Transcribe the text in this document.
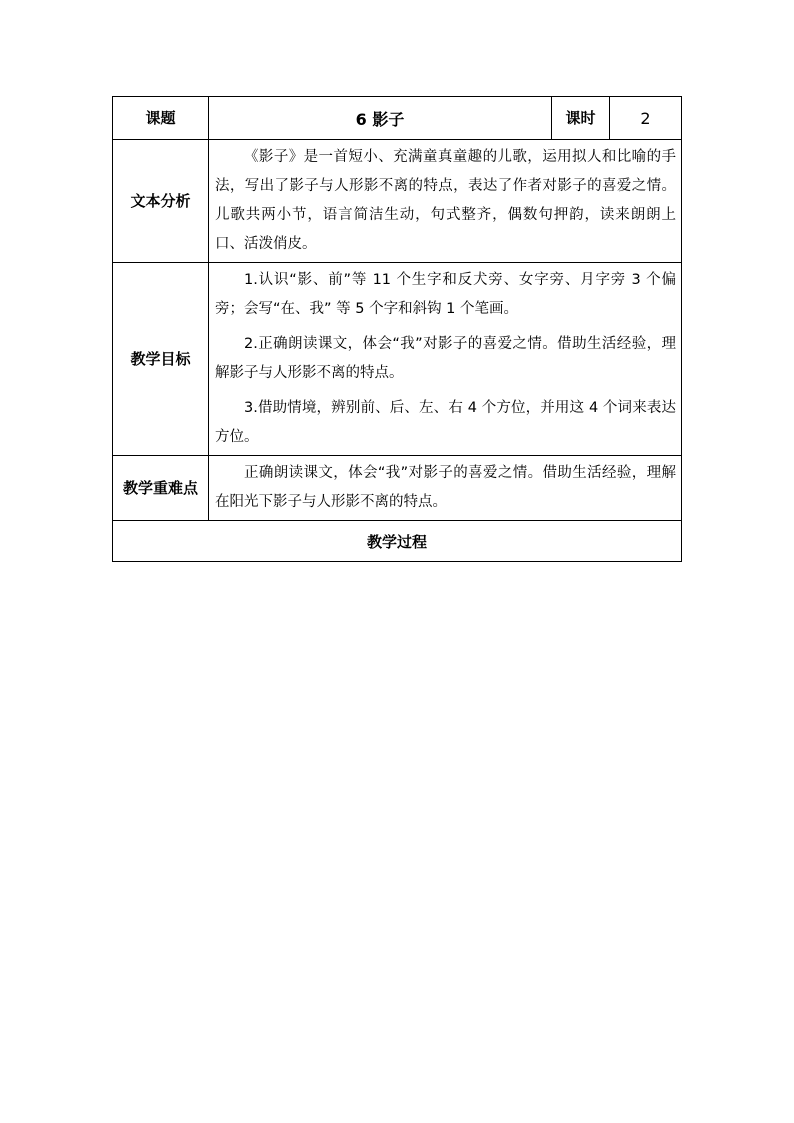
课题	6 影子	课时	2
文本分析	《影子》是一首短小、充满童真童趣的儿歌，运用拟人和比喻的手法，写出了影子与人形影不离的特点，表达了作者对影子的喜爱之情。儿歌共两小节，语言简洁生动，句式整齐，偶数句押韵，读来朗朗上口、活泼俏皮。		

教学目标	1.认识“影、前”等 11 个生字和反犬旁、女字旁、月字旁 3 个偏旁；会写“在、我” 等 5 个字和斜钩 1 个笔画。

2.正确朗读课文，体会“我”对影子的喜爱之情。借助生活经验，理解影子与人形影不离的特点。

3.借助情境，辨别前、后、左、右 4 个方位，并用这 4 个词来表达方位。		

教学重难点	正确朗读课文，体会“我”对影子的喜爱之情。借助生活经验，理解在阳光下影子与人形影不离的特点。		

教学过程			
